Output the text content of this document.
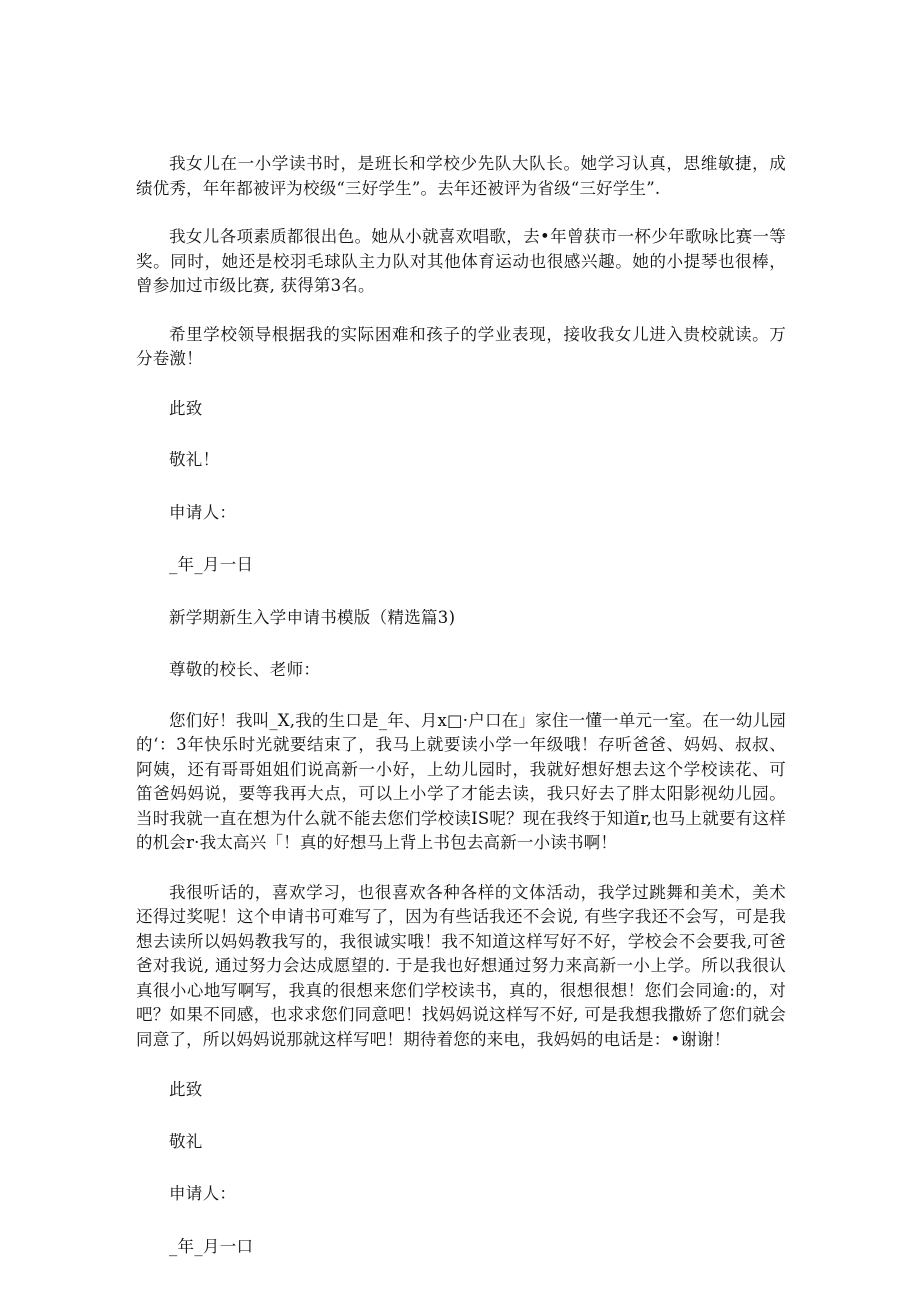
我女儿在一小学读书时，是班长和学校少先队大队长。她学习认真，思维敏捷，成绩优秀，年年都被评为校级“三好学生”。去年还被评为省级“三好学生”.

我女儿各项素质都很出色。她从小就喜欢唱歌，去•年曾获市一杯少年歌咏比赛一等奖。同时，她还是校羽毛球队主力队对其他体育运动也很感兴趣。她的小提琴也很棒，曾参加过市级比赛, 获得第3名。

希里学校领导根据我的实际困难和孩子的学业表现，接收我女儿进入贵校就读。万分卷激！

此致

敬礼！

申请人：

_年_月一日

新学期新生入学申请书模版（精选篇3)

尊敬的校长、老师：

您们好！我叫_X,我的生口是_年、月x□·户口在」家住一懂一单元一室。在一幼儿园的‘：3年快乐时光就要结束了，我马上就要读小学一年级哦！存听爸爸、妈妈、叔叔、阿姨，还有哥哥姐姐们说高新一小好，上幼儿园时，我就好想好想去这个学校读花、可笛爸妈妈说，要等我再大点，可以上小学了才能去读，我只好去了胖太阳影视幼儿园。当时我就一直在想为什么就不能去您们学校读IS呢？现在我终于知道r,也马上就要有这样的机会r·我太高兴「！真的好想马上背上书包去高新一小读书啊！

我很听话的，喜欢学习，也很喜欢各种各样的文体活动，我学过跳舞和美术，美术还得过奖呢！这个申请书可难写了，因为有些话我还不会说, 有些字我还不会写，可是我想去读所以妈妈教我写的，我很诚实哦！我不知道这样写好不好，学校会不会要我,可爸爸对我说, 通过努力会达成愿望的. 于是我也好想通过努力来高新一小上学。所以我很认真很小心地写啊写，我真的很想来您们学校读书，真的，很想很想！您们会同逾:的，对吧？如果不同感，也求求您们同意吧！找妈妈说这样写不好, 可是我想我撒娇了您们就会同意了，所以妈妈说那就这样写吧！期待着您的来电，我妈妈的电话是：•谢谢！

此致

敬礼

申请人：

_年_月一口
